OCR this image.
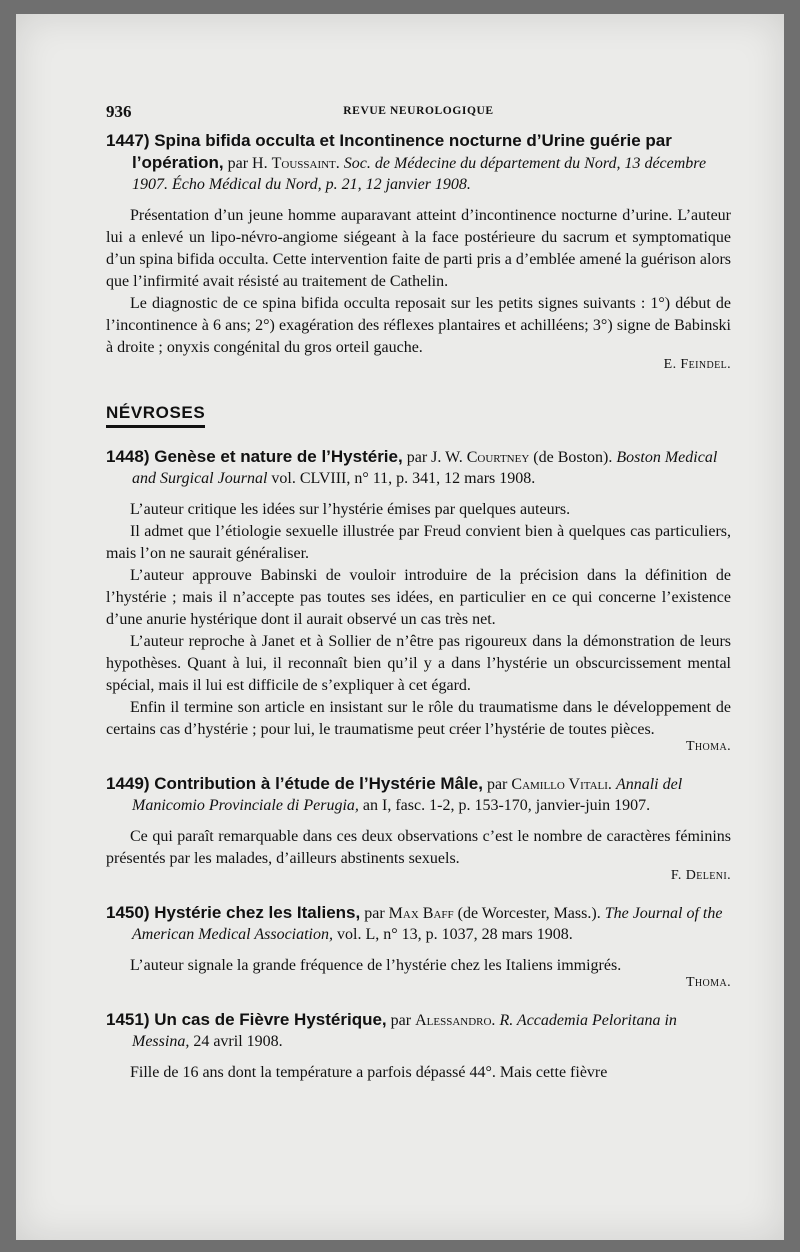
936	REVUE NEUROLOGIQUE

1447) Spina bifida occulta et Incontinence nocturne d’Urine guérie par l’opération, par H. Toussaint. Soc. de Médecine du département du Nord, 13 décembre 1907. Écho Médical du Nord, p. 21, 12 janvier 1908.

Présentation d’un jeune homme auparavant atteint d’incontinence nocturne d’urine. L’auteur lui a enlevé un lipo-névro-angiome siégeant à la face postérieure du sacrum et symptomatique d’un spina bifida occulta. Cette intervention faite de parti pris a d’emblée amené la guérison alors que l’infirmité avait résisté au traitement de Cathelin.

Le diagnostic de ce spina bifida occulta reposait sur les petits signes suivants : 1°) début de l’incontinence à 6 ans; 2°) exagération des réflexes plantaires et achilléens; 3°) signe de Babinski à droite ; onyxis congénital du gros orteil gauche.

E. Feindel.

NÉVROSES

1448) Genèse et nature de l’Hystérie, par J. W. Courtney (de Boston). Boston Medical and Surgical Journal vol. CLVIII, n° 11, p. 341, 12 mars 1908.

L’auteur critique les idées sur l’hystérie émises par quelques auteurs.

Il admet que l’étiologie sexuelle illustrée par Freud convient bien à quelques cas particuliers, mais l’on ne saurait généraliser.

L’auteur approuve Babinski de vouloir introduire de la précision dans la définition de l’hystérie ; mais il n’accepte pas toutes ses idées, en particulier en ce qui concerne l’existence d’une anurie hystérique dont il aurait observé un cas très net.

L’auteur reproche à Janet et à Sollier de n’être pas rigoureux dans la démonstration de leurs hypothèses. Quant à lui, il reconnaît bien qu’il y a dans l’hystérie un obscurcissement mental spécial, mais il lui est difficile de s’expliquer à cet égard.

Enfin il termine son article en insistant sur le rôle du traumatisme dans le développement de certains cas d’hystérie ; pour lui, le traumatisme peut créer l’hystérie de toutes pièces.

Thoma.

1449) Contribution à l’étude de l’Hystérie Mâle, par Camillo Vitali. Annali del Manicomio Provinciale di Perugia, an I, fasc. 1-2, p. 153-170, janvier-juin 1907.

Ce qui paraît remarquable dans ces deux observations c’est le nombre de caractères féminins présentés par les malades, d’ailleurs abstinents sexuels.

F. Deleni.

1450) Hystérie chez les Italiens, par Max Baff (de Worcester, Mass.). The Journal of the American Medical Association, vol. L, n° 13, p. 1037, 28 mars 1908.

L’auteur signale la grande fréquence de l’hystérie chez les Italiens immigrés.

Thoma.

1451) Un cas de Fièvre Hystérique, par Alessandro. R. Accademia Peloritana in Messina, 24 avril 1908.

Fille de 16 ans dont la température a parfois dépassé 44°. Mais cette fièvre
